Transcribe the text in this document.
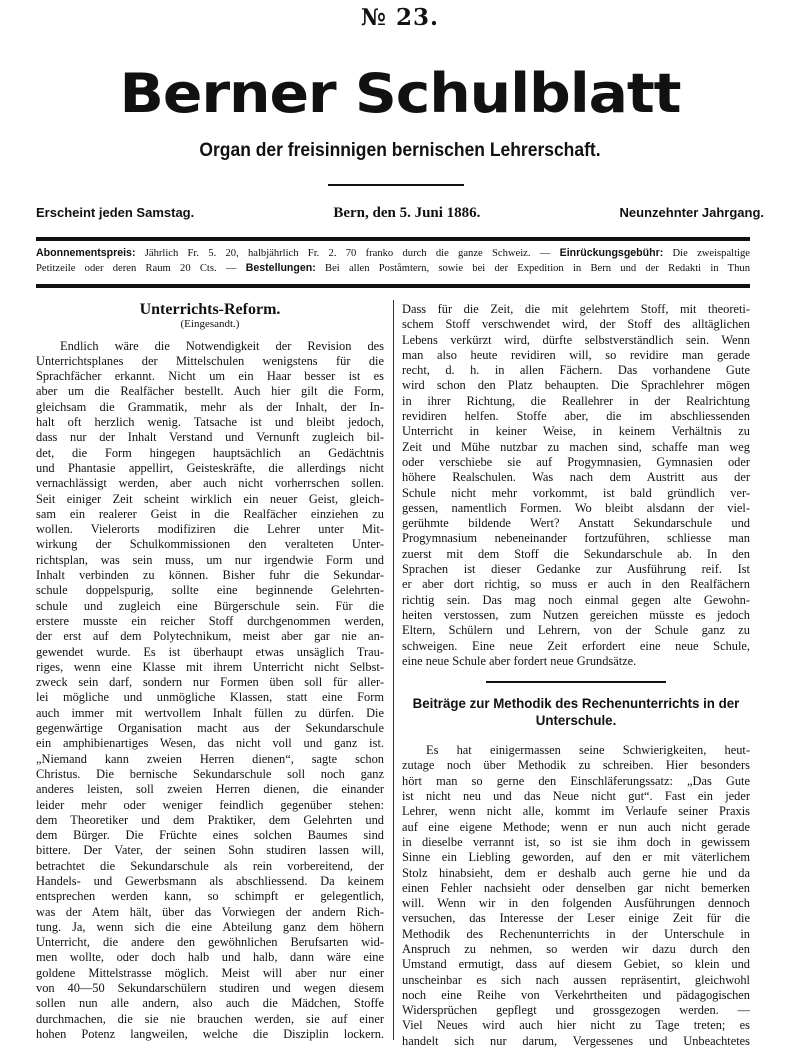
№ 23.
Berner Schulblatt
Organ der freisinnigen bernischen Lehrerschaft.
Erscheint jeden Samstag.	Bern, den 5. Juni 1886.	Neunzehnter Jahrgang.
Abonnementspreis: Jährlich Fr. 5. 20, halbjährlich Fr. 2. 70 franko durch die ganze Schweiz. — Einrückungsgebühr: Die zweispaltige
Petitzeile oder deren Raum 20 Cts. — Bestellungen: Bei allen Poståmtern, sowie bei der Expedition in Bern und der Redakti in Thun
Unterrichts-Reform.
(Eingesandt.)
Endlich wäre die Notwendigkeit der Revision des
Unterrichtsplanes der Mittelschulen wenigstens für die
Sprachfächer erkannt. Nicht um ein Haar besser ist es
aber um die Realfächer bestellt. Auch hier gilt die Form,
gleichsam die Grammatik, mehr als der Inhalt, der In-
halt oft herzlich wenig. Tatsache ist und bleibt jedoch,
dass nur der Inhalt Verstand und Vernunft zugleich bil-
det, die Form hingegen hauptsächlich an Gedächtnis
und Phantasie appellirt, Geisteskräfte, die allerdings nicht
vernachlässigt werden, aber auch nicht vorherrschen sollen.
Seit einiger Zeit scheint wirklich ein neuer Geist, gleich-
sam ein realerer Geist in die Realfächer einziehen zu
wollen. Vielerorts modifiziren die Lehrer unter Mit-
wirkung der Schulkommissionen den veralteten Unter-
richtsplan, was sein muss, um nur irgendwie Form und
Inhalt verbinden zu können. Bisher fuhr die Sekundar-
schule doppelspurig, sollte eine beginnende Gelehrten-
schule und zugleich eine Bürgerschule sein. Für die
erstere musste ein reicher Stoff durchgenommen werden,
der erst auf dem Polytechnikum, meist aber gar nie an-
gewendet wurde. Es ist überhaupt etwas unsäglich Trau-
riges, wenn eine Klasse mit ihrem Unterricht nicht Selbst-
zweck sein darf, sondern nur Formen üben soll für aller-
lei mögliche und unmögliche Klassen, statt eine Form
auch immer mit wertvollem Inhalt füllen zu dürfen. Die
gegenwärtige Organisation macht aus der Sekundarschule
ein amphibienartiges Wesen, das nicht voll und ganz ist.
„Niemand kann zweien Herren dienen“, sagte schon
Christus. Die bernische Sekundarschule soll noch ganz
anderes leisten, soll zweien Herren dienen, die einander
leider mehr oder weniger feindlich gegenüber stehen:
dem Theoretiker und dem Praktiker, dem Gelehrten und
dem Bürger. Die Früchte eines solchen Baumes sind
bittere. Der Vater, der seinen Sohn studiren lassen will,
betrachtet die Sekundarschule als rein vorbereitend, der
Handels- und Gewerbsmann als abschliessend. Da keinem
entsprechen werden kann, so schimpft er gelegentlich,
was der Atem hält, über das Vorwiegen der andern Rich-
tung. Ja, wenn sich die eine Abteilung ganz dem höhern
Unterricht, die andere den gewöhnlichen Berufsarten wid-
men wollte, oder doch halb und halb, dann wäre eine
goldene Mittelstrasse möglich. Meist will aber nur einer
von 40—50 Sekundarschülern studiren und wegen diesem
sollen nun alle andern, also auch die Mädchen, Stoffe
durchmachen, die sie nie brauchen werden, sie auf einer
hohen Potenz langweilen, welche die Disziplin lockern.
Dass für die Zeit, die mit gelehrtem Stoff, mit theoreti-
schem Stoff verschwendet wird, der Stoff des alltäglichen
Lebens verkürzt wird, dürfte selbstverständlich sein. Wenn
man also heute revidiren will, so revidire man gerade
recht, d. h. in allen Fächern. Das vorhandene Gute
wird schon den Platz behaupten. Die Sprachlehrer mögen
in ihrer Richtung, die Reallehrer in der Realrichtung
revidiren helfen. Stoffe aber, die im abschliessenden
Unterricht in keiner Weise, in keinem Verhältnis zu
Zeit und Mühe nutzbar zu machen sind, schaffe man weg
oder verschiebe sie auf Progymnasien, Gymnasien oder
höhere Realschulen. Was nach dem Austritt aus der
Schule nicht mehr vorkommt, ist bald gründlich ver-
gessen, namentlich Formen. Wo bleibt alsdann der viel-
gerühmte bildende Wert? Anstatt Sekundarschule und
Progymnasium nebeneinander fortzuführen, schliesse man
zuerst mit dem Stoff die Sekundarschule ab. In den
Sprachen ist dieser Gedanke zur Ausführung reif. Ist
er aber dort richtig, so muss er auch in den Realfächern
richtig sein. Das mag noch einmal gegen alte Gewohn-
heiten verstossen, zum Nutzen gereichen müsste es jedoch
Eltern, Schülern und Lehrern, von der Schule ganz zu
schweigen. Eine neue Zeit erfordert eine neue Schule,
eine neue Schule aber fordert neue Grundsätze.
Beiträge zur Methodik des Rechenunterrichts in der Unterschule.
Es hat einigermassen seine Schwierigkeiten, heut-
zutage noch über Methodik zu schreiben. Hier besonders
hört man so gerne den Einschläferungssatz: „Das Gute
ist nicht neu und das Neue nicht gut“. Fast ein jeder
Lehrer, wenn nicht alle, kommt im Verlaufe seiner Praxis
auf eine eigene Methode; wenn er nun auch nicht gerade
in dieselbe verrannt ist, so ist sie ihm doch in gewissem
Sinne ein Liebling geworden, auf den er mit väterlichem
Stolz hinabsieht, dem er deshalb auch gerne hie und da
einen Fehler nachsieht oder denselben gar nicht bemerken
will. Wenn wir in den folgenden Ausführungen dennoch
versuchen, das Interesse der Leser einige Zeit für die
Methodik des Rechenunterrichts in der Unterschule in
Anspruch zu nehmen, so werden wir dazu durch den
Umstand ermutigt, dass auf diesem Gebiet, so klein und
unscheinbar es sich nach aussen repräsentirt, gleichwohl
noch eine Reihe von Verkehrtheiten und pädagogischen
Widersprüchen gepflegt und grossgezogen werden. —
Viel Neues wird auch hier nicht zu Tage treten; es
handelt sich nur darum, Vergessenes und Unbeachtetes
